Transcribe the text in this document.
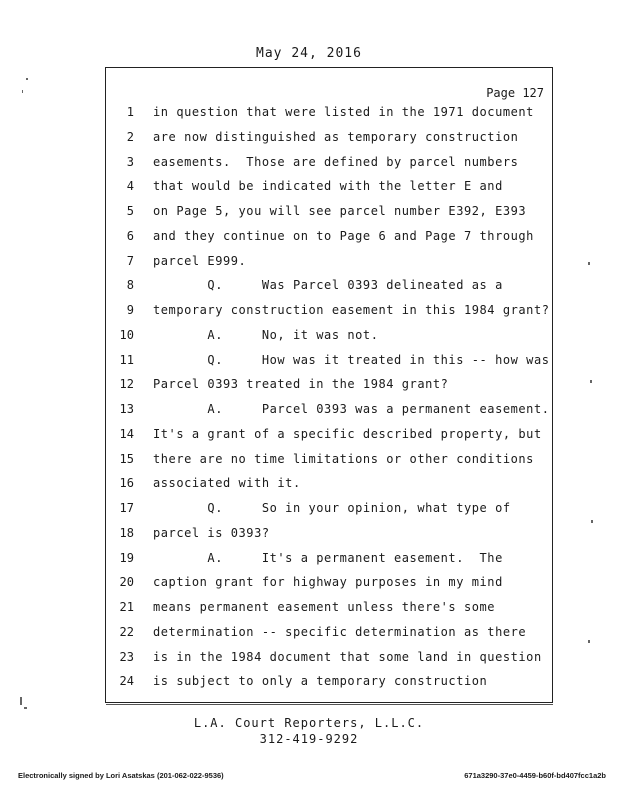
May 24, 2016
Page 127
1 in question that were listed in the 1971 document
2 are now distinguished as temporary construction
3 easements.  Those are defined by parcel numbers
4 that would be indicated with the letter E and
5 on Page 5, you will see parcel number E392, E393
6 and they continue on to Page 6 and Page 7 through
7 parcel E999.
8 Q.     Was Parcel 0393 delineated as a
9 temporary construction easement in this 1984 grant?
10 A.     No, it was not.
11 Q.     How was it treated in this -- how was
12 Parcel 0393 treated in the 1984 grant?
13 A.     Parcel 0393 was a permanent easement.
14 It's a grant of a specific described property, but
15 there are no time limitations or other conditions
16 associated with it.
17 Q.     So in your opinion, what type of
18 parcel is 0393?
19 A.     It's a permanent easement.  The
20 caption grant for highway purposes in my mind
21 means permanent easement unless there's some
22 determination -- specific determination as there
23 is in the 1984 document that some land in question
24 is subject to only a temporary construction
L.A. Court Reporters, L.L.C.
312-419-9292
Electronically signed by Lori Asatskas (201-062-022-9536)	671a3290-37e0-4459-b60f-bd407fcc1a2b
